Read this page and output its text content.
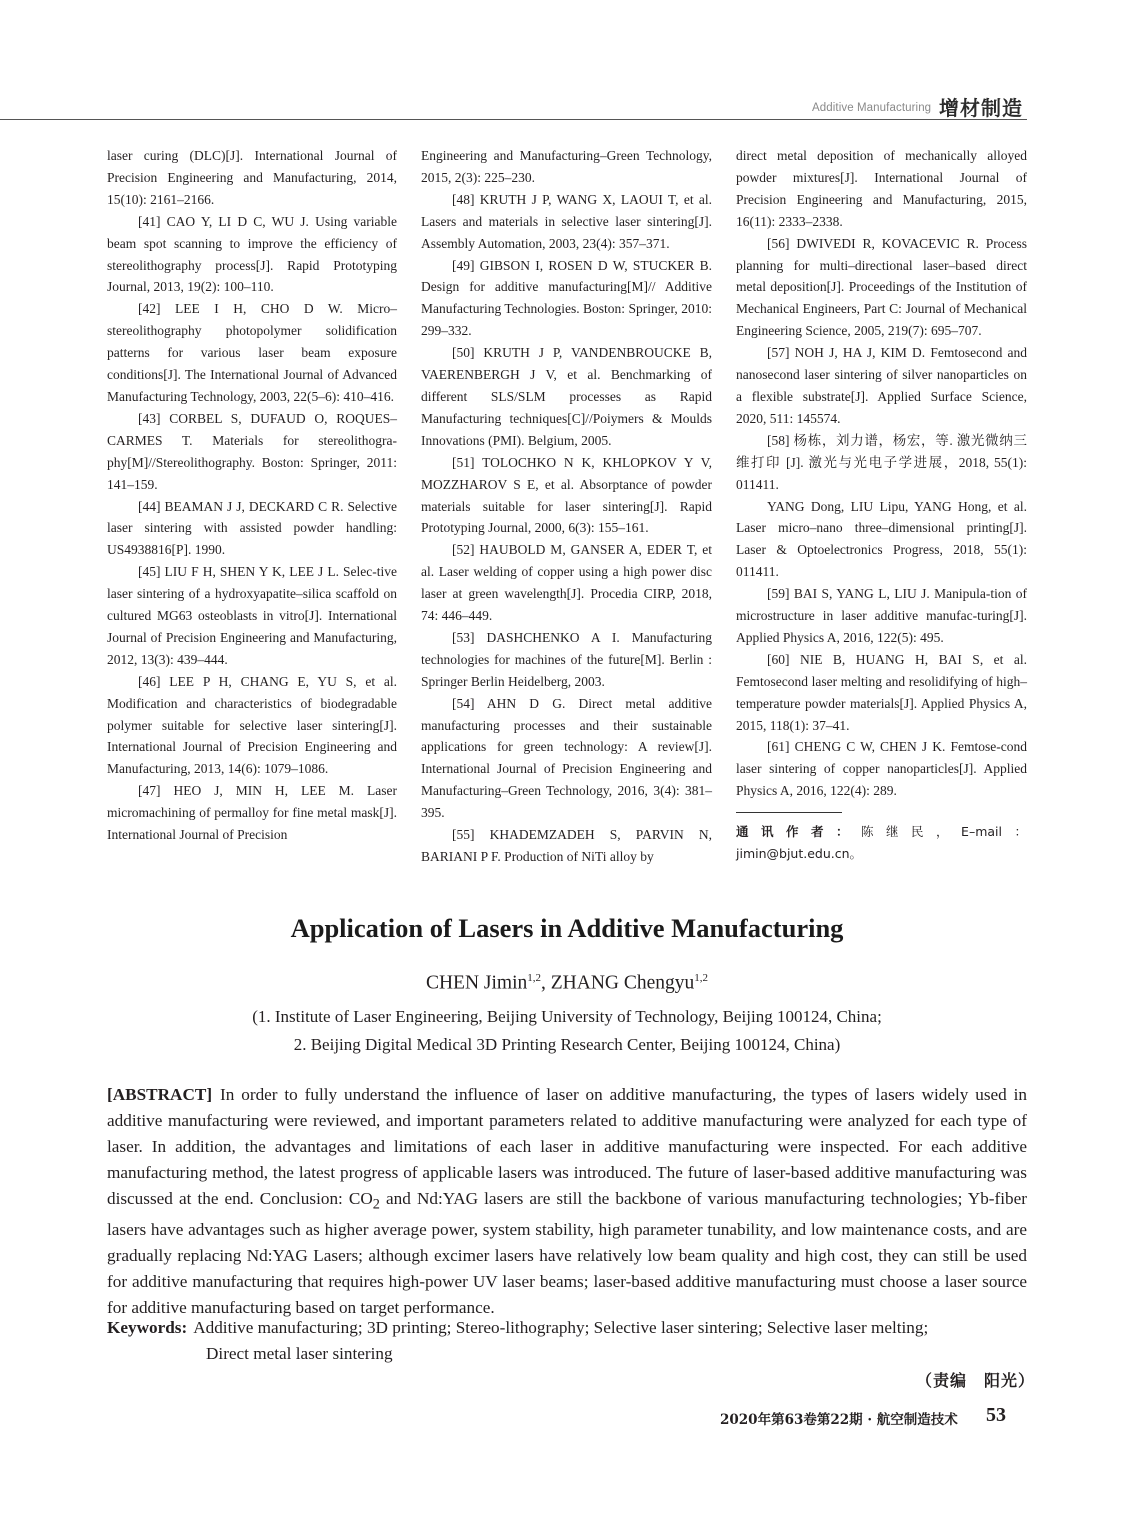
Additive Manufacturing 增材制造

laser curing (DLC)[J]. International Journal of Precision Engineering and Manufacturing, 2014, 15(10): 2161–2166.

[41] CAO Y, LI D C, WU J. Using variable beam spot scanning to improve the efficiency of stereolithography process[J]. Rapid Prototyping Journal, 2013, 19(2): 100–110.

[42] LEE I H, CHO D W. Micro–stereolithography photopolymer solidification patterns for various laser beam exposure conditions[J]. The International Journal of Advanced Manufacturing Technology, 2003, 22(5–6): 410–416.

[43] CORBEL S, DUFAUD O, ROQUES–CARMES T. Materials for stereolithogra-phy[M]//Stereolithography. Boston: Springer, 2011: 141–159.

[44] BEAMAN J J, DECKARD C R. Selective laser sintering with assisted powder handling: US4938816[P]. 1990.

[45] LIU F H, SHEN Y K, LEE J L. Selec-tive laser sintering of a hydroxyapatite–silica scaffold on cultured MG63 osteoblasts in vitro[J]. International Journal of Precision Engineering and Manufacturing, 2012, 13(3): 439–444.

[46] LEE P H, CHANG E, YU S, et al. Modification and characteristics of biodegradable polymer suitable for selective laser sintering[J]. International Journal of Precision Engineering and Manufacturing, 2013, 14(6): 1079–1086.

[47] HEO J, MIN H, LEE M. Laser micromachining of permalloy for fine metal mask[J]. International Journal of Precision

Engineering and Manufacturing–Green Technology, 2015, 2(3): 225–230.

[48] KRUTH J P, WANG X, LAOUI T, et al. Lasers and materials in selective laser sintering[J]. Assembly Automation, 2003, 23(4): 357–371.

[49] GIBSON I, ROSEN D W, STUCKER B. Design for additive manufacturing[M]// Additive Manufacturing Technologies. Boston: Springer, 2010: 299–332.

[50] KRUTH J P, VANDENBROUCKE B, VAERENBERGH J V, et al. Benchmarking of different SLS/SLM processes as Rapid Manufacturing techniques[C]//Poiymers & Moulds Innovations (PMI). Belgium, 2005.

[51] TOLOCHKO N K, KHLOPKOV Y V, MOZZHAROV S E, et al. Absorptance of powder materials suitable for laser sintering[J]. Rapid Prototyping Journal, 2000, 6(3): 155–161.

[52] HAUBOLD M, GANSER A, EDER T, et al. Laser welding of copper using a high power disc laser at green wavelength[J]. Procedia CIRP, 2018, 74: 446–449.

[53] DASHCHENKO A I. Manufacturing technologies for machines of the future[M]. Berlin : Springer Berlin Heidelberg, 2003.

[54] AHN D G. Direct metal additive manufacturing processes and their sustainable applications for green technology: A review[J]. International Journal of Precision Engineering and Manufacturing–Green Technology, 2016, 3(4): 381–395.

[55] KHADEMZADEH S, PARVIN N, BARIANI P F. Production of NiTi alloy by

direct metal deposition of mechanically alloyed powder mixtures[J]. International Journal of Precision Engineering and Manufacturing, 2015, 16(11): 2333–2338.

[56] DWIVEDI R, KOVACEVIC R. Process planning for multi–directional laser–based direct metal deposition[J]. Proceedings of the Institution of Mechanical Engineers, Part C: Journal of Mechanical Engineering Science, 2005, 219(7): 695–707.

[57] NOH J, HA J, KIM D. Femtosecond and nanosecond laser sintering of silver nanoparticles on a flexible substrate[J]. Applied Surface Science, 2020, 511: 145574.

[58] 杨栋，刘力谱，杨宏，等. 激光微纳三维打印 [J]. 激光与光电子学进展，2018, 55(1): 011411.

YANG Dong, LIU Lipu, YANG Hong, et al. Laser micro–nano three–dimensional printing[J]. Laser & Optoelectronics Progress, 2018, 55(1): 011411.

[59] BAI S, YANG L, LIU J. Manipula-tion of microstructure in laser additive manufac-turing[J]. Applied Physics A, 2016, 122(5): 495.

[60] NIE B, HUANG H, BAI S, et al. Femtosecond laser melting and resolidifying of high–temperature powder materials[J]. Applied Physics A, 2015, 118(1): 37–41.

[61] CHENG C W, CHEN J K. Femtose-cond laser sintering of copper nanoparticles[J]. Applied Physics A, 2016, 122(4): 289.

通讯作者：陈继民，E–mail：jimin@bjut.edu.cn。
Application of Lasers in Additive Manufacturing
CHEN Jimin$^{1,2}$, ZHANG Chengyu$^{1,2}$
(1. Institute of Laser Engineering, Beijing University of Technology, Beijing 100124, China;
2. Beijing Digital Medical 3D Printing Research Center, Beijing 100124, China)
[ABSTRACT] In order to fully understand the influence of laser on additive manufacturing, the types of lasers widely used in additive manufacturing were reviewed, and important parameters related to additive manufacturing were analyzed for each type of laser. In addition, the advantages and limitations of each laser in additive manufacturing were inspected. For each additive manufacturing method, the latest progress of applicable lasers was introduced. The future of laser-based additive manufacturing was discussed at the end. Conclusion: $CO_2$ and Nd:YAG lasers are still the backbone of various manufacturing technologies; Yb-fiber lasers have advantages such as higher average power, system stability, high parameter tunability, and low maintenance costs, and are gradually replacing Nd:YAG Lasers; although excimer lasers have relatively low beam quality and high cost, they can still be used for additive manufacturing that requires high-power UV laser beams; laser-based additive manufacturing must choose a laser source for additive manufacturing based on target performance.
Keywords: Additive manufacturing; 3D printing; Stereo-lithography; Selective laser sintering; Selective laser melting;
Direct metal laser sintering
（责编　阳光）
2020年第63卷第22期 · 航空制造技术 53
